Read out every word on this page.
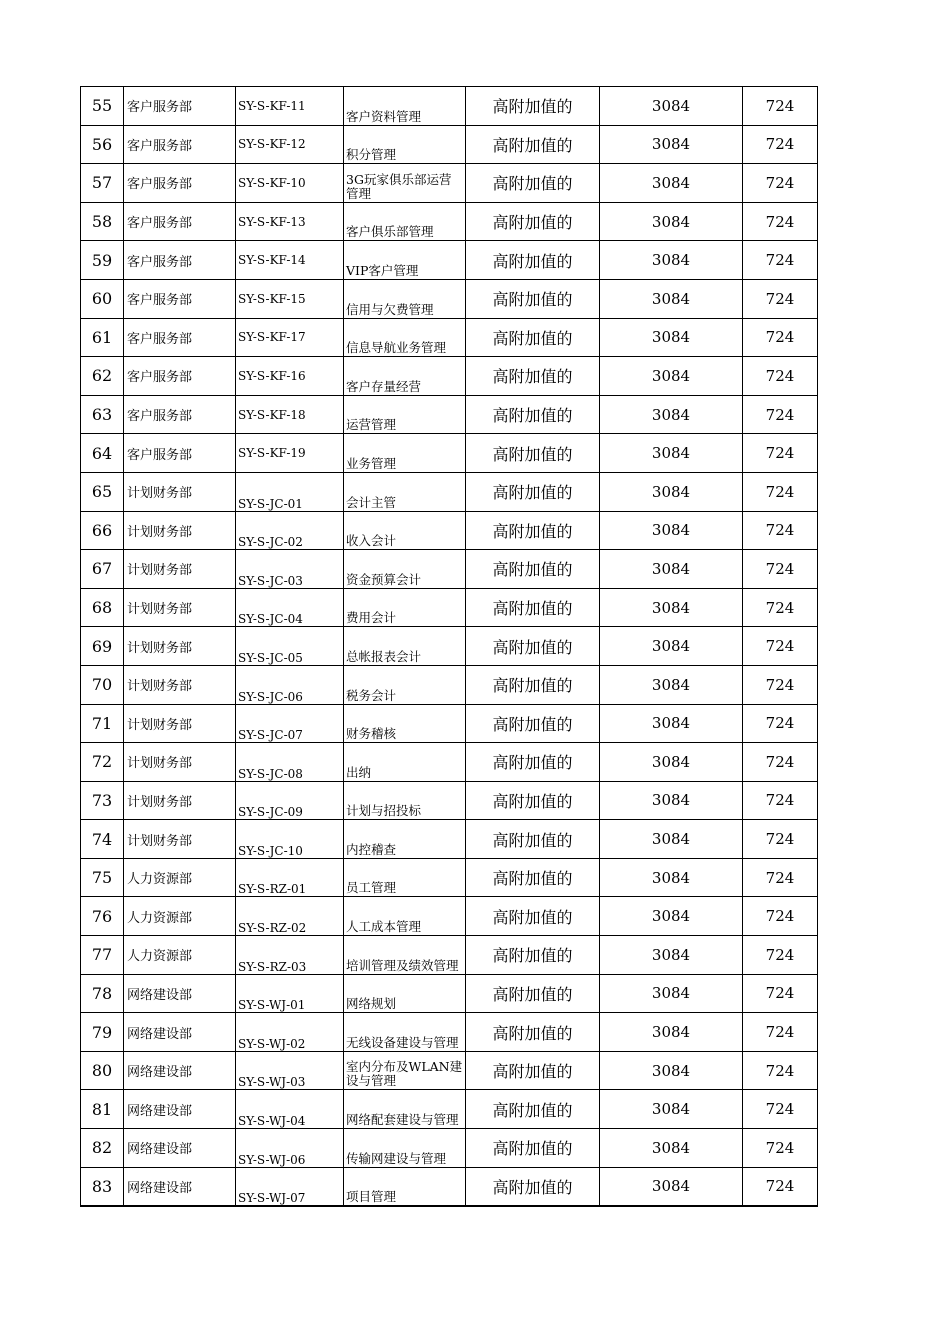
55	客户服务部	SY-S-KF-11	客户资料管理	高附加值的	3084	724
56	客户服务部	SY-S-KF-12	积分管理	高附加值的	3084	724
57	客户服务部	SY-S-KF-10	3G玩家俱乐部运营管理	高附加值的	3084	724
58	客户服务部	SY-S-KF-13	客户俱乐部管理	高附加值的	3084	724
59	客户服务部	SY-S-KF-14	VIP客户管理	高附加值的	3084	724
60	客户服务部	SY-S-KF-15	信用与欠费管理	高附加值的	3084	724
61	客户服务部	SY-S-KF-17	信息导航业务管理	高附加值的	3084	724
62	客户服务部	SY-S-KF-16	客户存量经营	高附加值的	3084	724
63	客户服务部	SY-S-KF-18	运营管理	高附加值的	3084	724
64	客户服务部	SY-S-KF-19	业务管理	高附加值的	3084	724
65	计划财务部	SY-S-JC-01	会计主管	高附加值的	3084	724
66	计划财务部	SY-S-JC-02	收入会计	高附加值的	3084	724
67	计划财务部	SY-S-JC-03	资金预算会计	高附加值的	3084	724
68	计划财务部	SY-S-JC-04	费用会计	高附加值的	3084	724
69	计划财务部	SY-S-JC-05	总帐报表会计	高附加值的	3084	724
70	计划财务部	SY-S-JC-06	税务会计	高附加值的	3084	724
71	计划财务部	SY-S-JC-07	财务稽核	高附加值的	3084	724
72	计划财务部	SY-S-JC-08	出纳	高附加值的	3084	724
73	计划财务部	SY-S-JC-09	计划与招投标	高附加值的	3084	724
74	计划财务部	SY-S-JC-10	内控稽查	高附加值的	3084	724
75	人力资源部	SY-S-RZ-01	员工管理	高附加值的	3084	724
76	人力资源部	SY-S-RZ-02	人工成本管理	高附加值的	3084	724
77	人力资源部	SY-S-RZ-03	培训管理及绩效管理	高附加值的	3084	724
78	网络建设部	SY-S-WJ-01	网络规划	高附加值的	3084	724
79	网络建设部	SY-S-WJ-02	无线设备建设与管理	高附加值的	3084	724
80	网络建设部	SY-S-WJ-03	室内分布及WLAN建设与管理	高附加值的	3084	724
81	网络建设部	SY-S-WJ-04	网络配套建设与管理	高附加值的	3084	724
82	网络建设部	SY-S-WJ-06	传输网建设与管理	高附加值的	3084	724
83	网络建设部	SY-S-WJ-07	项目管理	高附加值的	3084	724
